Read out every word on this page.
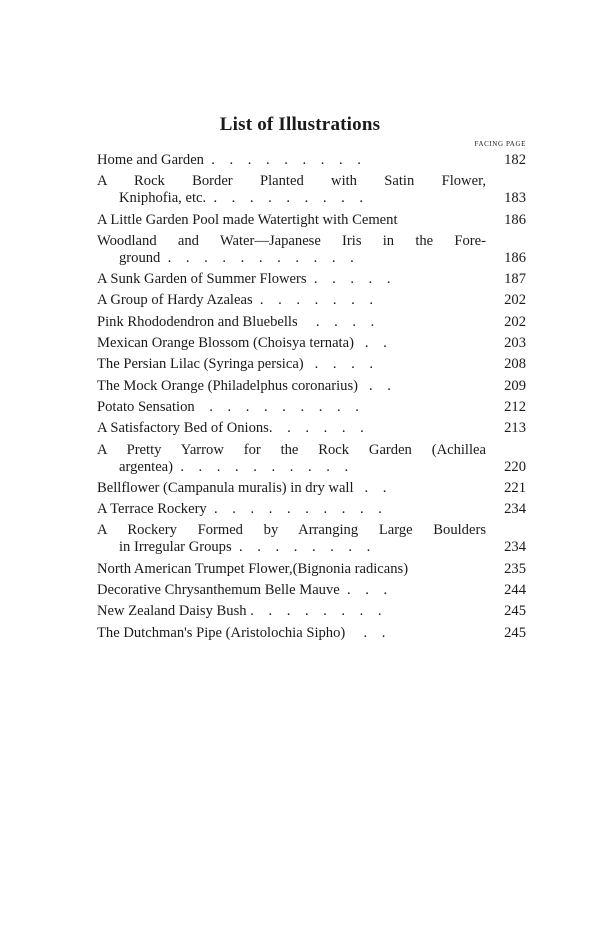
List of Illustrations
FACING PAGE
Home and Garden  .    .    .    .    .    .    .    .    .	182
A Rock Border Planted with Satin Flower,
Kniphofia, etc.  .    .    .    .    .    .    .    .    .	183
A Little Garden Pool made Watertight with Cement	186
Woodland and Water—Japanese Iris in the Fore-
ground  .    .    .    .    .    .    .    .    .    .    .	186
A Sunk Garden of Summer Flowers  .    .    .    .    .	187
A Group of Hardy Azaleas  .    .    .    .    .    .    .	202
Pink Rhododendron and Bluebells     .    .    .    .	202
Mexican Orange Blossom (Choisya ternata)   .    .	203
The Persian Lilac (Syringa persica)   .    .    .    .	208
The Mock Orange (Philadelphus coronarius)   .    .	209
Potato Sensation    .    .    .    .    .    .    .    .    .	212
A Satisfactory Bed of Onions.    .    .    .    .    .	213
A Pretty Yarrow for the Rock Garden (Achillea
argentea)  .    .    .    .    .    .    .    .    .    .	220
Bellflower (Campanula muralis) in dry wall   .    .	221
A Terrace Rockery  .    .    .    .    .    .    .    .    .    .	234
A Rockery Formed by Arranging Large Boulders
in Irregular Groups  .    .    .    .    .    .    .    .	234
North American Trumpet Flower,(Bignonia radicans)	235
Decorative Chrysanthemum Belle Mauve  .    .    .	244
New Zealand Daisy Bush .    .    .    .    .    .    .    .	245
The Dutchman's Pipe (Aristolochia Sipho)     .    .	245
